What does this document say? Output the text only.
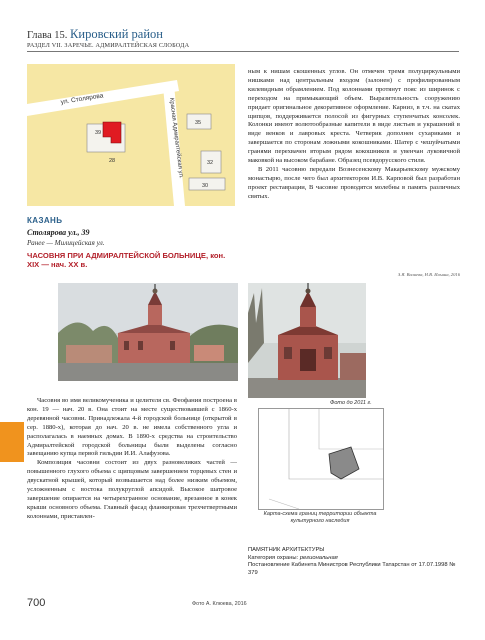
Глава 15. Кировский район
РАЗДЕЛ VII. ЗАРЕЧЬЕ. АДМИРАЛТЕЙСКАЯ СЛОБОДА
ул. Столярова	Красная Адмиралтейская ул.
39
28
35
32
30
КАЗАНЬ
Столярова ул., 39
Ранее — Милицейская ул.
ЧАСОВНЯ ПРИ АДМИРАЛТЕЙСКОЙ БОЛЬНИЦЕ, кон. XIX — нач. XX в.

ным к нишам скошенных углов. Он отмечен тремя полуциркульными нишками над центральным входом (залонен) с профилированным килевидным обрамлением. Под колоннами протянут пояс из ширинок с переходом на примыкающий объем. Выразительность сооружению придает оригинальное декоративное оформление. Карниз, в т.ч. на скатах щипцов, поддерживается полосой из фигурных ступенчатых консолек. Колонки имеют волютообразные капители в виде листьев и украшений в виде венков и лавровых креста. Четверик дополнен сухариками и завершается по сторонам ложными кокошниками. Шатер с чешуйчатыми гранями перехвачен вторым рядом кокошников и увенчан луковичной маковкой на высоком барабане. Образец псевдорусского стиля.

В 2011 часовню передали Вознесенскому Макарьевскому мужскому монастырю, после чего был архитектором И.В. Карповой был разработан проект реставрации, В часовне проводятся молебны в память различных святых.

З.Я. Валиева, Н.В. Ильина, 2016
Фото до 2011 г.

Часовня во имя великомученика и целителя св. Феофания построена в кон. 19 — нач. 20 в. Она стоит на месте существовавшей с 1860-х деревянной часовни. Принадлежала 4-й городской больнице (открытой в сер. 1880-х), которая до нач. 20 в. не имела собственного угла и располагалась в наемных домах. В 1890-х средства на строительство Адмиралтейской городской больницы были выделены согласно завещанию купца первой гильдии И.И. Алафузова.

Композиция часовни состоит из двух разновеликих частей — повышенного глухого объема с щипцовым завершением торцевых стен и двускатной крышей, который возвышается над более низким объемом, усложненным с востока полукруглой апсидой. Высокое шатровое завершение опирается на четырехгранное основание, врезанное в конек крыши основного объема. Главный фасад фланкирован трехчетвертными колоннами, приставлен-	Карта-схема границ территории объекта культурного наследия
ПАМЯТНИК АРХИТЕКТУРЫ
Категория охраны: региональная
Постановление Кабинета Министров Республики Татарстан от 17.07.1998 № 379
700	Фото А. Клюева, 2016
